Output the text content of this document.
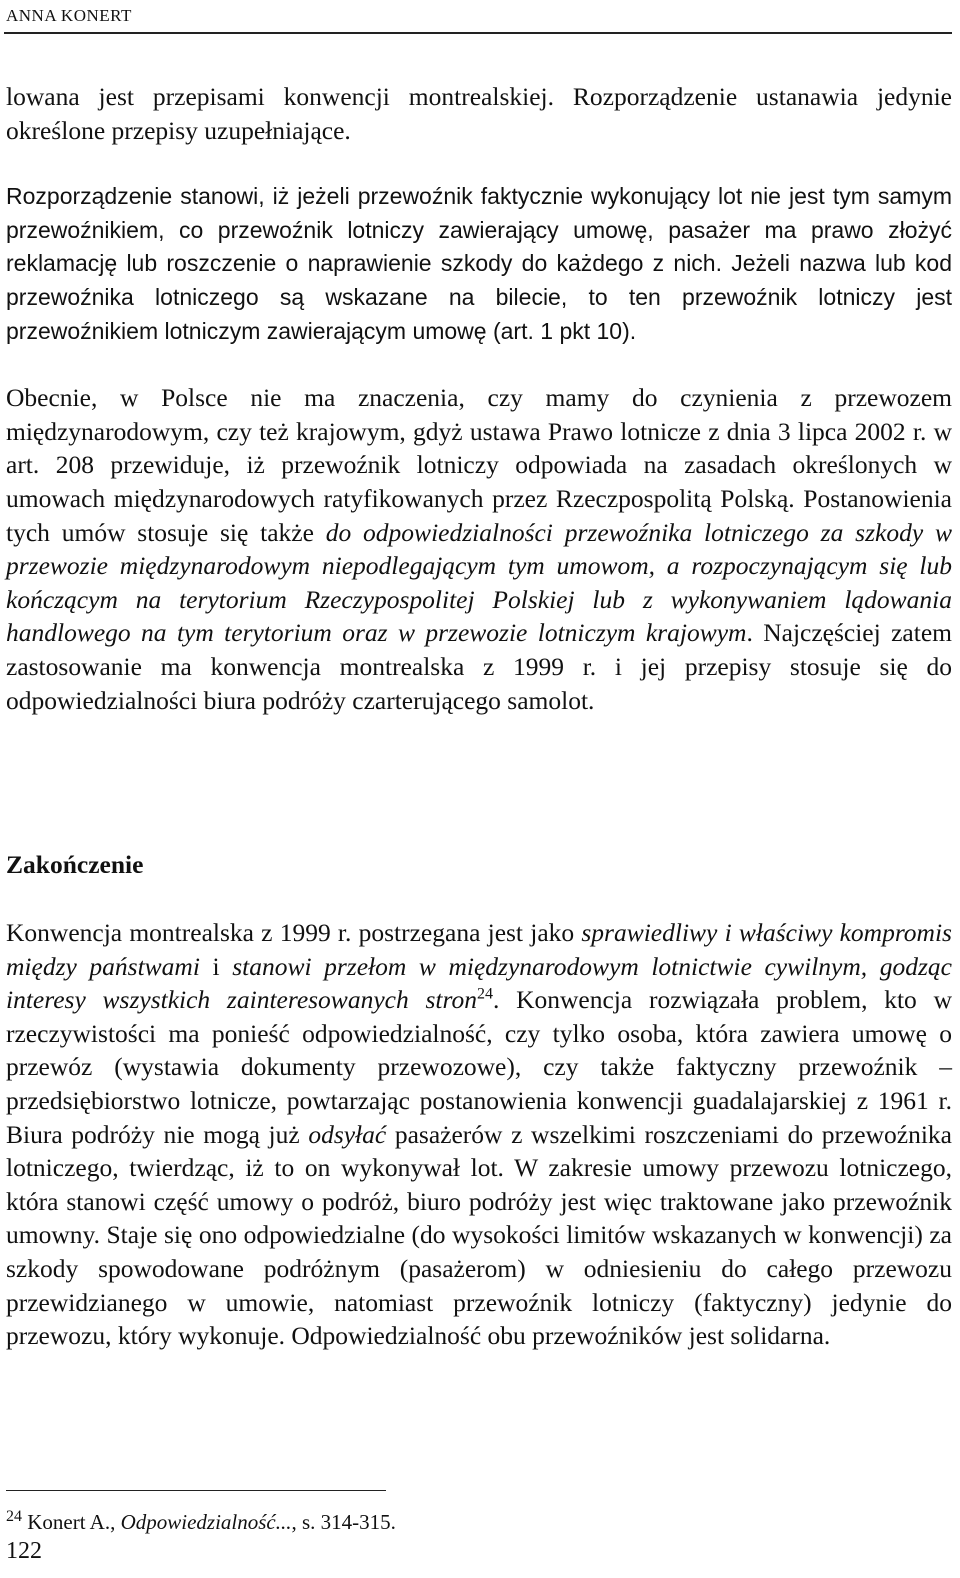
ANNA KONERT

lowana jest przepisami konwencji montrealskiej. Rozporządzenie ustanawia jedynie określone przepisy uzupełniające.

Rozporządzenie stanowi, iż jeżeli przewoźnik faktycznie wykonujący lot nie jest tym samym przewoźnikiem, co przewoźnik lotniczy zawierający umowę, pasażer ma prawo złożyć reklamację lub roszczenie o naprawienie szkody do każdego z nich. Jeżeli nazwa lub kod przewoźnika lotniczego są wskazane na bilecie, to ten przewoźnik lotniczy jest przewoźnikiem lotniczym zawierającym umowę (art. 1 pkt 10).

Obecnie, w Polsce nie ma znaczenia, czy mamy do czynienia z przewozem międzynarodowym, czy też krajowym, gdyż ustawa Prawo lotnicze z dnia 3 lipca 2002 r. w art. 208 przewiduje, iż przewoźnik lotniczy odpowiada na zasadach określonych w umowach międzynarodowych ratyfikowanych przez Rzeczpospolitą Polską. Postanowienia tych umów stosuje się także do odpowiedzialności przewoźnika lotniczego za szkody w przewozie międzynarodowym niepodlegającym tym umowom, a rozpoczynającym się lub kończącym na terytorium Rzeczypospolitej Polskiej lub z wykonywaniem lądowania handlowego na tym terytorium oraz w przewozie lotniczym krajowym. Najczęściej zatem zastosowanie ma konwencja montrealska z 1999 r. i jej przepisy stosuje się do odpowiedzialności biura podróży czarterującego samolot.

Zakończenie

Konwencja montrealska z 1999 r. postrzegana jest jako sprawiedliwy i właściwy kompromis między państwami i stanowi przełom w międzynarodowym lotnictwie cywilnym, godząc interesy wszystkich zainteresowanych stron$^{24}$. Konwencja rozwiązała problem, kto w rzeczywistości ma ponieść odpowiedzialność, czy tylko osoba, która zawiera umowę o przewóz (wystawia dokumenty przewozowe), czy także faktyczny przewoźnik – przedsiębiorstwo lotnicze, powtarzając postanowienia konwencji guadalajarskiej z 1961 r. Biura podróży nie mogą już odsyłać pasażerów z wszelkimi roszczeniami do przewoźnika lotniczego, twierdząc, iż to on wykonywał lot. W zakresie umowy przewozu lotniczego, która stanowi część umowy o podróż, biuro podróży jest więc traktowane jako przewoźnik umowny. Staje się ono odpowiedzialne (do wysokości limitów wskazanych w konwencji) za szkody spowodowane podróżnym (pasażerom) w odniesieniu do całego przewozu przewidzianego w umowie, natomiast przewoźnik lotniczy (faktyczny) jedynie do przewozu, który wykonuje. Odpowiedzialność obu przewoźników jest solidarna.

$^{24}$ Konert A., Odpowiedzialność..., s. 314-315.
122
